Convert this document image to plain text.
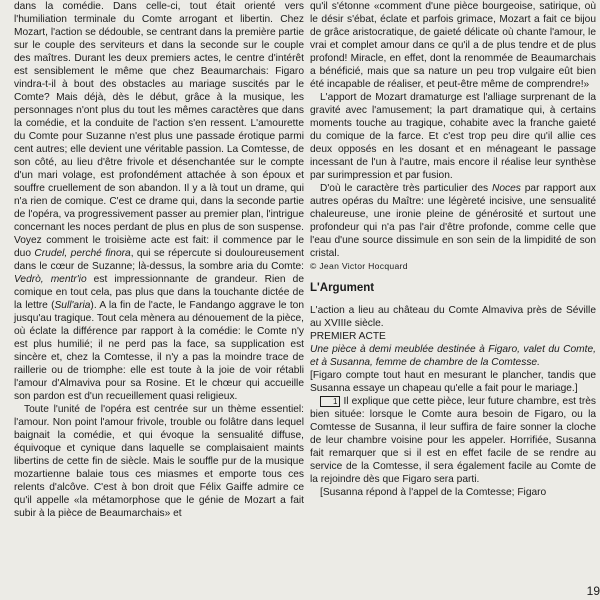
dans la comédie. Dans celle-ci, tout était orienté vers l'humiliation terminale du Comte arrogant et libertin. Chez Mozart, l'action se dédouble, se centrant dans la première partie sur le couple des serviteurs et dans la seconde sur le couple des maîtres. Durant les deux premiers actes, le centre d'intérêt est sensiblement le même que chez Beaumarchais: Figaro vindra-t-il à bout des obstacles au mariage suscités par le Comte? Mais déjà, dès le début, grâce à la musique, les personnages n'ont plus du tout les mêmes caractères que dans la comédie, et la conduite de l'action s'en ressent. L'amourette du Comte pour Suzanne n'est plus une passade érotique parmi cent autres; elle devient une véritable passion. La Comtesse, de son côté, au lieu d'être frivole et désenchantée sur le compte d'un mari volage, est profondément attachée à son époux et souffre cruellement de son abandon. Il y a là tout un drame, qui n'a rien de comique. C'est ce drame qui, dans la seconde partie de l'opéra, va progressivement passer au premier plan, l'intrigue concernant les noces perdant de plus en plus de son suspense. Voyez comment le troisième acte est fait: il commence par le duo Crudel, perché finora, qui se répercute si douloureusement dans le cœur de Suzanne; là-dessus, la sombre aria du Comte: Vedrò, mentr'io est impressionnante de grandeur. Rien de comique en tout cela, pas plus que dans la touchante dictée de la lettre (Sull'aria). A la fin de l'acte, le Fandango aggrave le ton jusqu'au tragique. Tout cela mènera au dénouement de la pièce, où éclate la différence par rapport à la comédie: le Comte n'y est plus humilié; il ne perd pas la face, sa supplication est sincère et, chez la Comtesse, il n'y a pas la moindre trace de raillerie ou de triomphe: elle est toute à la joie de voir rétabli l'amour d'Almaviva pour sa Rosine. Et le chœur qui accueille son pardon est d'un recueillement quasi religieux.

Toute l'unité de l'opéra est centrée sur un thème essentiel: l'amour. Non point l'amour frivole, trouble ou folâtre dans lequel baignait la comédie, et qui évoque la sensualité diffuse, équivoque et cynique dans laquelle se complaisaient maints libertins de cette fin de siècle. Mais le souffle pur de la musique mozartienne balaie tous ces miasmes et emporte tous ces relents d'alcôve. C'est à bon droit que Félix Gaiffe admire ce qu'il appelle «la métamorphose que le génie de Mozart a fait subir à la pièce de Beaumarchais» et

qu'il s'étonne «comment d'une pièce bourgeoise, satirique, où le désir s'ébat, éclate et parfois grimace, Mozart a fait ce bijou de grâce aristocratique, de gaieté délicate où chante l'amour, le vrai et complet amour dans ce qu'il a de plus tendre et de plus profond! Miracle, en effet, dont la renommée de Beaumarchais a bénéficié, mais que sa nature un peu trop vulgaire eût bien été incapable de réaliser, et peut-être même de comprendre!»

L'apport de Mozart dramaturge est l'alliage surprenant de la gravité avec l'amusement; la part dramatique qui, à certains moments touche au tragique, cohabite avec la franche gaieté du comique de la farce. Et c'est trop peu dire qu'il allie ces deux opposés en les dosant et en ménageant le passage incessant de l'un à l'autre, mais encore il réalise leur synthèse par surimpression et par fusion.

D'où le caractère très particulier des Noces par rapport aux autres opéras du Maître: une légèreté incisive, une sensualité chaleureuse, une ironie pleine de générosité et surtout une profondeur qui n'a pas l'air d'être profonde, comme celle que l'eau d'une source dissimule en son sein de la limpidité de son cristal.

© Jean Victor Hocquard

L'Argument

L'action a lieu au château du Comte Almaviva près de Séville au XVIIIe siècle.

PREMIER ACTE

Une pièce à demi meublée destinée à Figaro, valet du Comte, et à Susanna, femme de chambre de la Comtesse.

[Figaro compte tout haut en mesurant le plancher, tandis que Susanna essaye un chapeau qu'elle a fait pour le mariage.]

1 Il explique que cette pièce, leur future chambre, est très bien située: lorsque le Comte aura besoin de Figaro, ou la Comtesse de Susanna, il leur suffira de faire sonner la cloche de leur chambre voisine pour les appeler. Horrifiée, Susanna fait remarquer que si il est en effet facile de se rendre au service de la Comtesse, il sera également facile au Comte de la rejoindre dès que Figaro sera parti.

[Susanna répond à l'appel de la Comtesse; Figaro

19
